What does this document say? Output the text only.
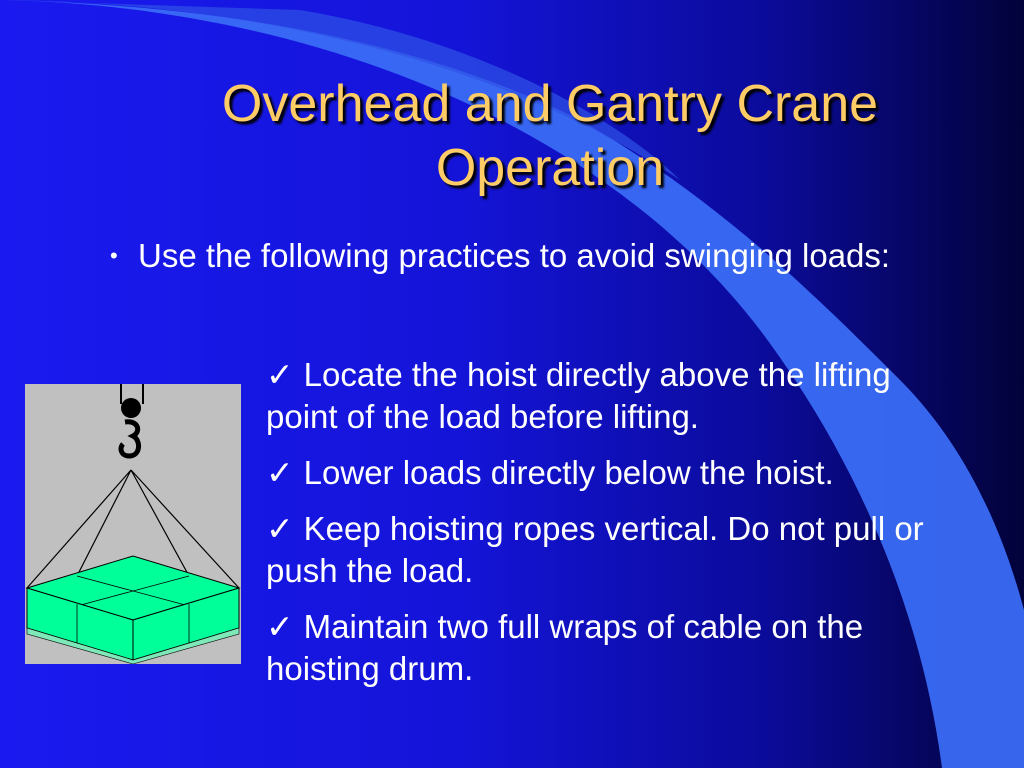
Overhead and Gantry Crane
Operation
• Use the following practices to avoid swinging loads:
✓ Locate the hoist directly above the lifting point of the load before lifting.
✓ Lower loads directly below the hoist.
✓ Keep hoisting ropes vertical. Do not pull or push the load.
✓ Maintain two full wraps of cable on the hoisting drum.
